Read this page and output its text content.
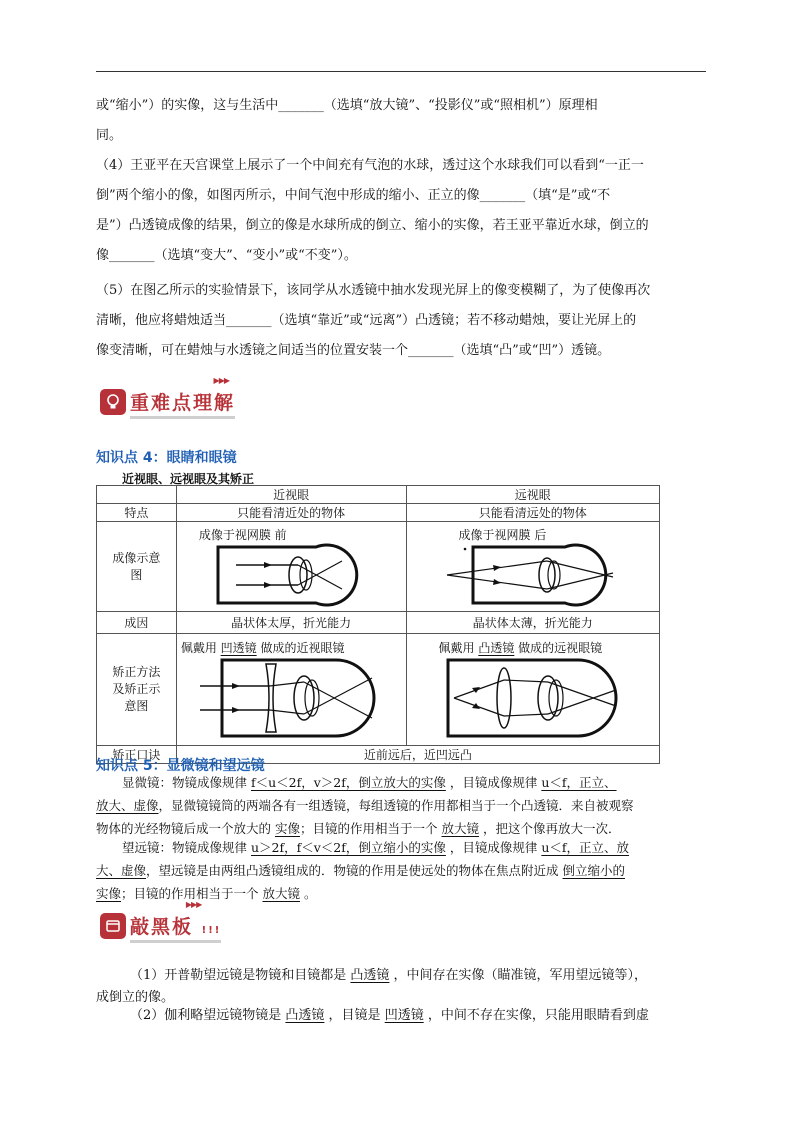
或“缩小”）的实像，这与生活中_______（选填“放大镜”、“投影仪”或“照相机”）原理相
同。
（4）王亚平在天宫课堂上展示了一个中间充有气泡的水球，透过这个水球我们可以看到“一正一
倒”两个缩小的像，如图丙所示，中间气泡中形成的缩小、正立的像_______（填“是”或“不
是”）凸透镜成像的结果，倒立的像是水球所成的倒立、缩小的实像，若王亚平靠近水球，倒立的
像_______（选填“变大”、“变小”或“不变”）。
（5）在图乙所示的实验情景下，该同学从水透镜中抽水发现光屏上的像变模糊了，为了使像再次
清晰，他应将蜡烛适当_______（选填“靠近”或“远离”）凸透镜；若不移动蜡烛，要让光屏上的
像变清晰，可在蜡烛与水透镜之间适当的位置安装一个_______（选填“凸”或“凹”）透镜。
重难点理解
▶▶▶
知识点 4：眼睛和眼镜
近视眼、远视眼及其矫正
	近视眼	远视眼
特点	只能看清近处的物体	只能看清远处的物体
成像示意图	成像于视网膜 前	成像于视网膜 后

成因	晶状体太厚，折光能力	晶状体太薄，折光能力
矫正方法及矫正示意图	佩戴用 凹透镜 做成的近视眼镜	佩戴用 凸透镜 做成的远视眼镜

矫正口诀	近前远后，近凹远凸	
知识点 5：显微镜和望远镜
显微镜：物镜成像规律 f＜u＜2f，v＞2f，倒立放大的实像 ，目镜成像规律 u＜f，正立、
放大、虚像，显微镜镜筒的两端各有一组透镜，每组透镜的作用都相当于一个凸透镜．来自被观察
物体的光经物镜后成一个放大的 实像；目镜的作用相当于一个 放大镜 ，把这个像再放大一次．
望远镜：物镜成像规律 u＞2f，f＜v＜2f，倒立缩小的实像 ，目镜成像规律 u＜f，正立、放
大、虚像，望远镜是由两组凸透镜组成的．物镜的作用是使远处的物体在焦点附近成 倒立缩小的
实像；目镜的作用相当于一个 放大镜 。
敲黑板
▶▶▶
!!!
（1）开普勒望远镜是物镜和目镜都是 凸透镜 ，中间存在实像（瞄准镜，军用望远镜等），
成倒立的像。
（2）伽利略望远镜物镜是 凸透镜 ，目镜是 凹透镜 ，中间不存在实像，只能用眼睛看到虚
